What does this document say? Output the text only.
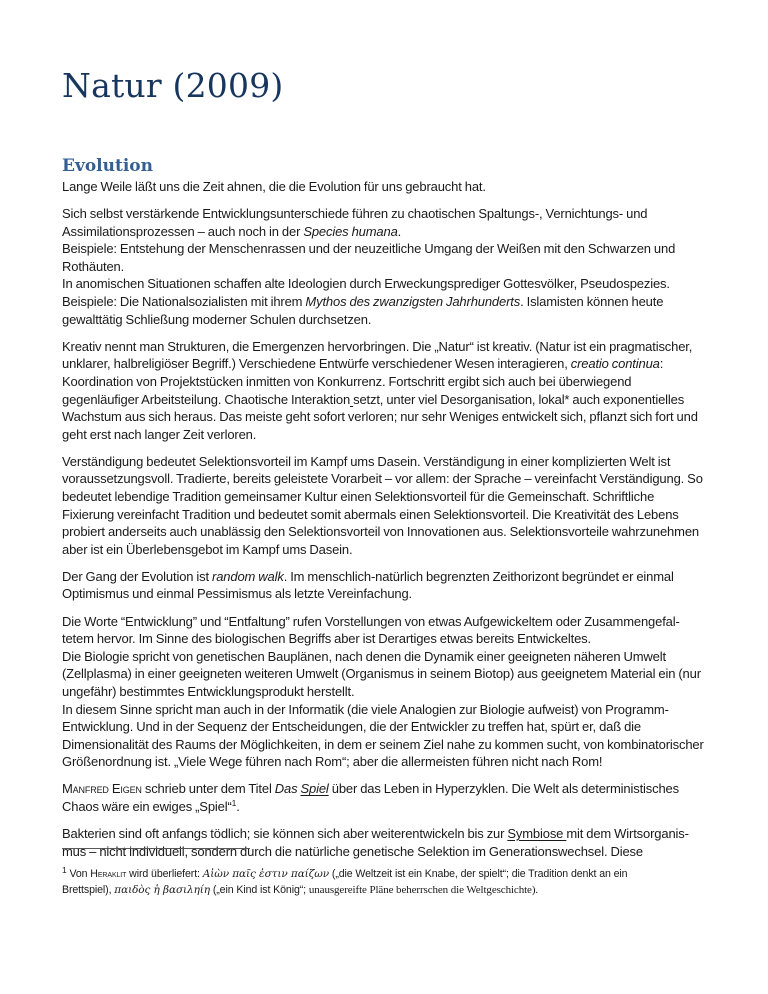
Natur (2009)
Evolution

Lange Weile läßt uns die Zeit ahnen, die die Evolution für uns gebraucht hat.

Sich selbst verstärkende Entwicklungsunterschiede führen zu chaotischen Spaltungs-, Vernichtungs- und
Assimilationsprozessen – auch noch in der Species humana.
Beispiele: Entstehung der Menschenrassen und der neuzeitliche Umgang der Weißen mit den Schwarzen und
Rothäuten.
In anomischen Situationen schaffen alte Ideologien durch Erweckungsprediger Gottesvölker, Pseudospezies.
Beispiele: Die Nationalsozialisten mit ihrem Mythos des zwanzigsten Jahrhunderts. Islamisten können heute
gewalttätig Schließung moderner Schulen durchsetzen.

Kreativ nennt man Strukturen, die Emergenzen hervorbringen. Die „Natur“ ist kreativ. (Natur ist ein pragmatischer,
unklarer, halbreligiöser Begriff.) Verschiedene Entwürfe verschiedener Wesen interagieren, creatio continua:
Koordination von Projektstücken inmitten von Konkurrenz. Fortschritt ergibt sich auch bei überwiegend
gegenläufiger Arbeitsteilung. Chaotische Interaktion setzt, unter viel Desorganisation, lokal* auch exponentielles
Wachstum aus sich heraus. Das meiste geht sofort verloren; nur sehr Weniges entwickelt sich, pflanzt sich fort und
geht erst nach langer Zeit verloren.

Verständigung bedeutet Selektionsvorteil im Kampf ums Dasein. Verständigung in einer komplizierten Welt ist
voraussetzungsvoll. Tradierte, bereits geleistete Vorarbeit – vor allem: der Sprache – vereinfacht Verständigung. So
bedeutet lebendige Tradition gemeinsamer Kultur einen Selektionsvorteil für die Gemeinschaft. Schriftliche
Fixierung vereinfacht Tradition und bedeutet somit abermals einen Selektionsvorteil. Die Kreativität des Lebens
probiert anderseits auch unablässig den Selektionsvorteil von Innovationen aus. Selektionsvorteile wahrzunehmen
aber ist ein Überlebensgebot im Kampf ums Dasein.

Der Gang der Evolution ist random walk. Im menschlich-natürlich begrenzten Zeithorizont begründet er einmal
Optimismus und einmal Pessimismus als letzte Vereinfachung.

Die Worte “Entwicklung” und “Entfaltung” rufen Vorstellungen von etwas Aufgewickeltem oder Zusammengefal-
tetem hervor. Im Sinne des biologischen Begriffs aber ist Derartiges etwas bereits Entwickeltes.
Die Biologie spricht von genetischen Bauplänen, nach denen die Dynamik einer geeigneten näheren Umwelt
(Zellplasma) in einer geeigneten weiteren Umwelt (Organismus in seinem Biotop) aus geeignetem Material ein (nur
ungefähr) bestimmtes Entwicklungsprodukt herstellt.
In diesem Sinne spricht man auch in der Informatik (die viele Analogien zur Biologie aufweist) von Programm-
Entwicklung. Und in der Sequenz der Entscheidungen, die der Entwickler zu treffen hat, spürt er, daß die
Dimensionalität des Raums der Möglichkeiten, in dem er seinem Ziel nahe zu kommen sucht, von kombinatorischer
Größenordnung ist. „Viele Wege führen nach Rom“; aber die allermeisten führen nicht nach Rom!

Manfred Eigen schrieb unter dem Titel Das Spiel über das Leben in Hyperzyklen. Die Welt als deterministisches
Chaos wäre ein ewiges „Spiel“$^1$.

Bakterien sind oft anfangs tödlich; sie können sich aber weiterentwickeln bis zur Symbiose mit dem Wirtsorganis-
mus – nicht individuell, sondern durch die natürliche genetische Selektion im Generationswechsel. Diese

$^1$ Von Heraklit wird überliefert: Αἰὼν παῖς ἐστιν παίζων („die Weltzeit ist ein Knabe, der spielt“; die Tradition denkt an ein
Brettspiel), παιδὸς ἡ βασιληίη („ein Kind ist König“; unausgereifte Pläne beherrschen die Weltgeschichte).
